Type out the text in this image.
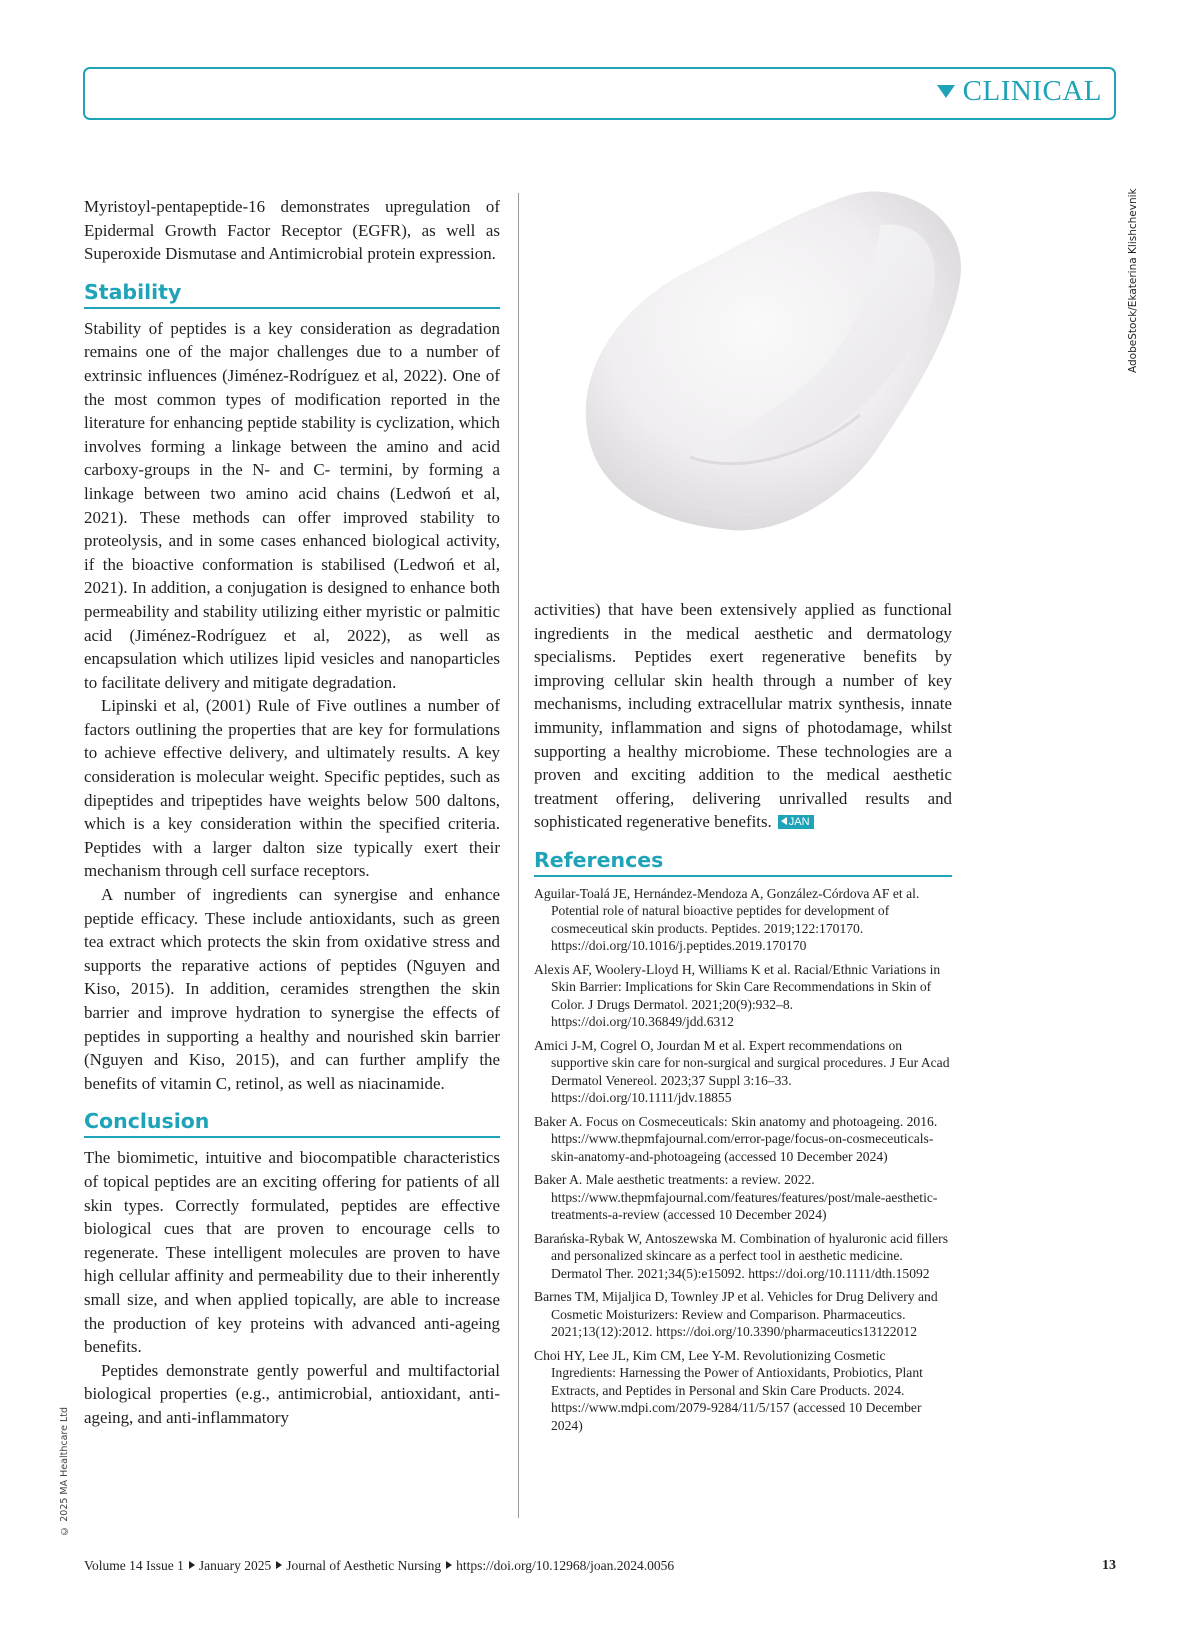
CLINICAL
AdobeStock/Ekaterina Klishchevnik

Myristoyl-pentapeptide-16 demonstrates upregulation of Epidermal Growth Factor Receptor (EGFR), as well as Superoxide Dismutase and Antimicrobial protein expression.

Stability

Stability of peptides is a key consideration as degradation remains one of the major challenges due to a number of extrinsic influences (Jiménez-Rodríguez et al, 2022). One of the most common types of modification reported in the literature for enhancing peptide stability is cyclization, which involves forming a linkage between the amino and acid carboxy-groups in the N- and C- termini, by forming a linkage between two amino acid chains (Ledwoń et al, 2021). These methods can offer improved stability to proteolysis, and in some cases enhanced biological activity, if the bioactive conformation is stabilised (Ledwoń et al, 2021). In addition, a conjugation is designed to enhance both permeability and stability utilizing either myristic or palmitic acid (Jiménez-Rodríguez et al, 2022), as well as encapsulation which utilizes lipid vesicles and nanoparticles to facilitate delivery and mitigate degradation.

Lipinski et al, (2001) Rule of Five outlines a number of factors outlining the properties that are key for formulations to achieve effective delivery, and ultimately results. A key consideration is molecular weight. Specific peptides, such as dipeptides and tripeptides have weights below 500 daltons, which is a key consideration within the specified criteria. Peptides with a larger dalton size typically exert their mechanism through cell surface receptors.

A number of ingredients can synergise and enhance peptide efficacy. These include antioxidants, such as green tea extract which protects the skin from oxidative stress and supports the reparative actions of peptides (Nguyen and Kiso, 2015). In addition, ceramides strengthen the skin barrier and improve hydration to synergise the effects of peptides in supporting a healthy and nourished skin barrier (Nguyen and Kiso, 2015), and can further amplify the benefits of vitamin C, retinol, as well as niacinamide.

Conclusion

The biomimetic, intuitive and biocompatible characteristics of topical peptides are an exciting offering for patients of all skin types. Correctly formulated, peptides are effective biological cues that are proven to encourage cells to regenerate. These intelligent molecules are proven to have high cellular affinity and permeability due to their inherently small size, and when applied topically, are able to increase the production of key proteins with advanced anti-ageing benefits.

Peptides demonstrate gently powerful and multifactorial biological properties (e.g., antimicrobial, antioxidant, anti-ageing, and anti-inflammatory

activities) that have been extensively applied as functional ingredients in the medical aesthetic and dermatology specialisms. Peptides exert regenerative benefits by improving cellular skin health through a number of key mechanisms, including extracellular matrix synthesis, innate immunity, inflammation and signs of photodamage, whilst supporting a healthy microbiome. These technologies are a proven and exciting addition to the medical aesthetic treatment offering, delivering unrivalled results and sophisticated regenerative benefits. JAN

References
Aguilar-Toalá JE, Hernández-Mendoza A, González-Córdova AF et al. Potential role of natural bioactive peptides for development of cosmeceutical skin products. Peptides. 2019;122:170170. https://doi.org/10.1016/j.peptides.2019.170170
Alexis AF, Woolery-Lloyd H, Williams K et al. Racial/Ethnic Variations in Skin Barrier: Implications for Skin Care Recommendations in Skin of Color. J Drugs Dermatol. 2021;20(9):932–8. https://doi.org/10.36849/jdd.6312
Amici J-M, Cogrel O, Jourdan M et al. Expert recommendations on supportive skin care for non-surgical and surgical procedures. J Eur Acad Dermatol Venereol. 2023;37 Suppl 3:16–33. https://doi.org/10.1111/jdv.18855
Baker A. Focus on Cosmeceuticals: Skin anatomy and photoageing. 2016. https://www.thepmfajournal.com/error-page/focus-on-cosmeceuticals-skin-anatomy-and-photoageing (accessed 10 December 2024)
Baker A. Male aesthetic treatments: a review. 2022. https://www.thepmfajournal.com/features/features/post/male-aesthetic-treatments-a-review (accessed 10 December 2024)
Barańska-Rybak W, Antoszewska M. Combination of hyaluronic acid fillers and personalized skincare as a perfect tool in aesthetic medicine. Dermatol Ther. 2021;34(5):e15092. https://doi.org/10.1111/dth.15092
Barnes TM, Mijaljica D, Townley JP et al. Vehicles for Drug Delivery and Cosmetic Moisturizers: Review and Comparison. Pharmaceutics. 2021;13(12):2012. https://doi.org/10.3390/pharmaceutics13122012
Choi HY, Lee JL, Kim CM, Lee Y-M. Revolutionizing Cosmetic Ingredients: Harnessing the Power of Antioxidants, Probiotics, Plant Extracts, and Peptides in Personal and Skin Care Products. 2024. https://www.mdpi.com/2079-9284/11/5/157 (accessed 10 December 2024)
© 2025 MA Healthcare Ltd
Volume 14 Issue 1 January 2025 Journal of Aesthetic Nursing https://doi.org/10.12968/joan.2024.0056	13
